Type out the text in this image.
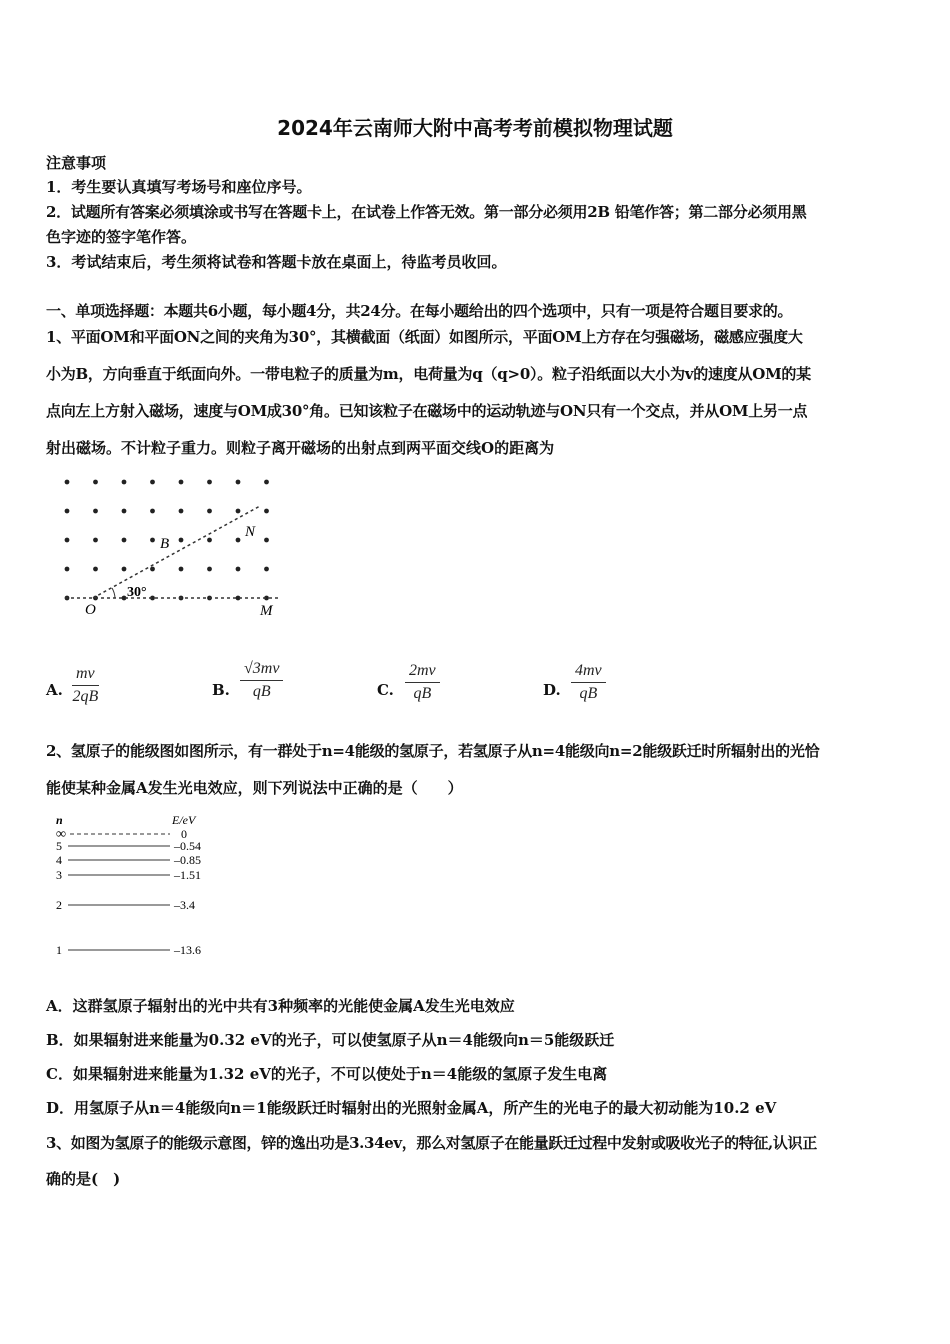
2024年云南师大附中高考考前模拟物理试题
注意事项
1．考生要认真填写考场号和座位序号。
2．试题所有答案必须填涂或书写在答题卡上，在试卷上作答无效。第一部分必须用2B 铅笔作答；第二部分必须用黑
色字迹的签字笔作答。
3．考试结束后，考生须将试卷和答题卡放在桌面上，待监考员收回。
一、单项选择题：本题共6小题，每小题4分，共24分。在每小题给出的四个选项中，只有一项是符合题目要求的。
1、平面OM和平面ON之间的夹角为30°，其横截面（纸面）如图所示，平面OM上方存在匀强磁场，磁感应强度大
小为B，方向垂直于纸面向外。一带电粒子的质量为m，电荷量为q（q>0）。粒子沿纸面以大小为v的速度从OM的某
点向左上方射入磁场，速度与OM成30°角。已知该粒子在磁场中的运动轨迹与ON只有一个交点，并从OM上另一点
射出磁场。不计粒子重力。则粒子离开磁场的出射点到两平面交线O的距离为
O	M
N
B
30°
A.
mv
2qB	B.
√3mv
qB	C.
2mv
qB	D.
4mv
qB
2、氢原子的能级图如图所示，有一群处于n=4能级的氢原子，若氢原子从n=4能级向n=2能级跃迁时所辐射出的光恰
能使某种金属A发生光电效应，则下列说法中正确的是（　　）
n	E/eV
∞	0
5	–0.54
4	–0.85
3	–1.51
2	–3.4
1	–13.6
A．这群氢原子辐射出的光中共有3种频率的光能使金属A发生光电效应
B．如果辐射进来能量为0.32 eV的光子，可以使氢原子从n＝4能级向n＝5能级跃迁
C．如果辐射进来能量为1.32 eV的光子，不可以使处于n＝4能级的氢原子发生电离
D．用氢原子从n＝4能级向n＝1能级跃迁时辐射出的光照射金属A，所产生的光电子的最大初动能为10.2 eV
3、如图为氢原子的能级示意图，锌的逸出功是3.34ev，那么对氢原子在能量跃迁过程中发射或吸收光子的特征,认识正
确的是(　)
